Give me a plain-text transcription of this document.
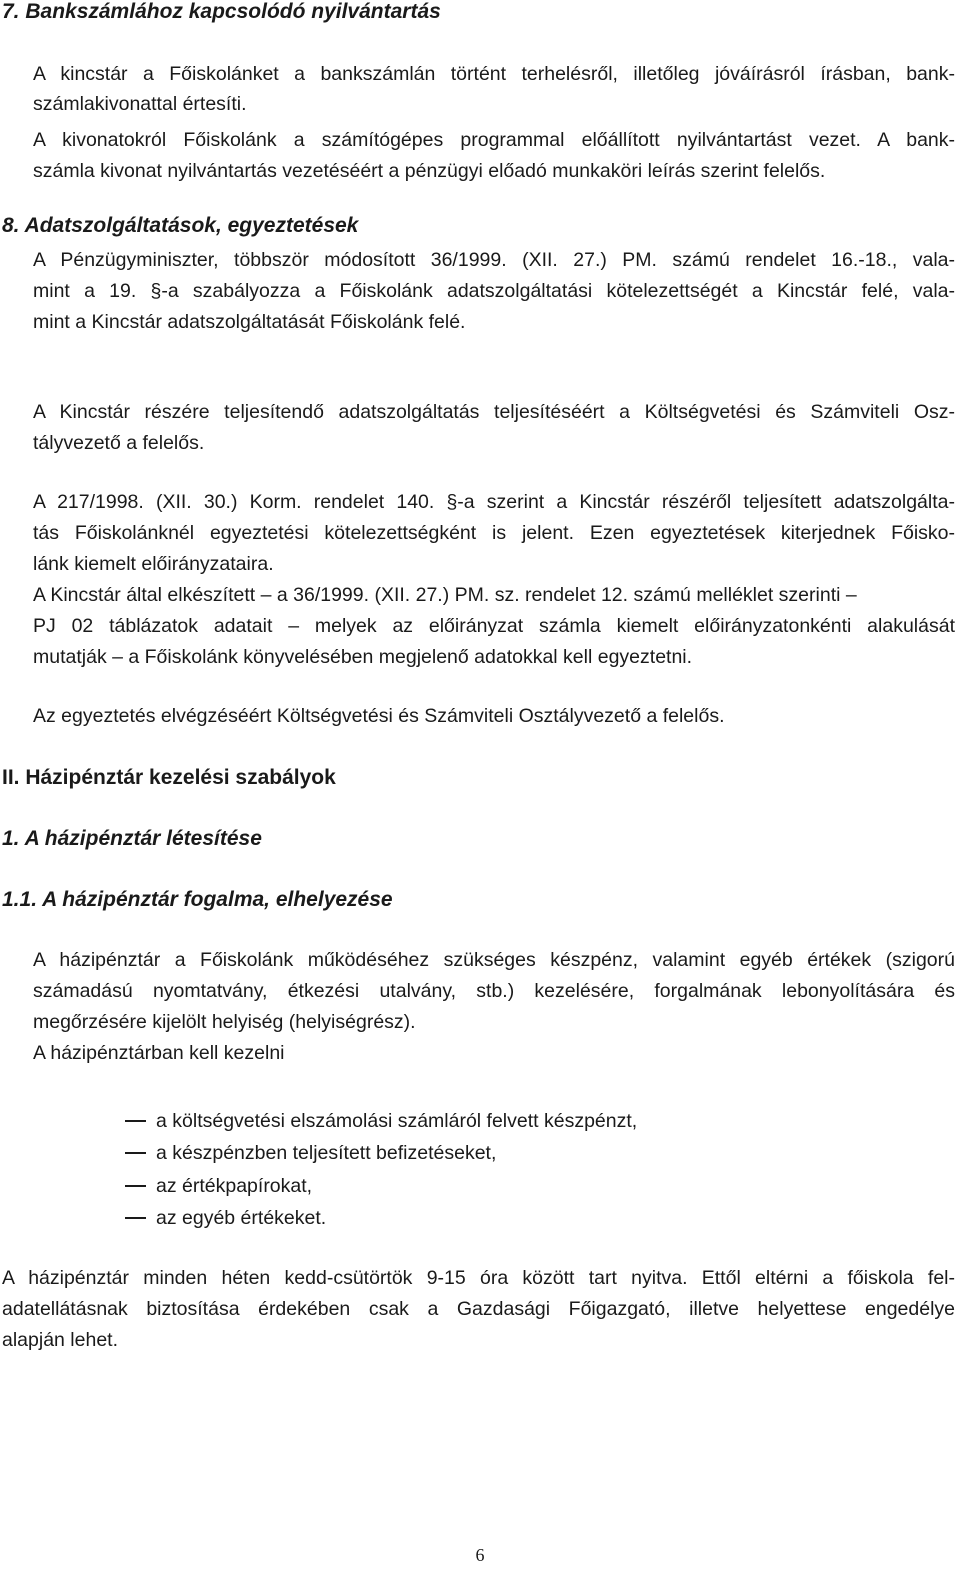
7. Bankszámlához kapcsolódó nyilvántartás
A kincstár a Főiskolánket a bankszámlán történt terhelésről, illetőleg jóváírásról írásban, bank-
számlakivonattal értesíti.
A kivonatokról Főiskolánk a számítógépes programmal előállított nyilvántartást vezet. A bank-
számla kivonat nyilvántartás vezetéséért a pénzügyi előadó munkaköri leírás szerint felelős.
8. Adatszolgáltatások, egyeztetések
A Pénzügyminiszter, többször módosított 36/1999. (XII. 27.) PM. számú rendelet 16.-18., vala-
mint a 19. §-a szabályozza a Főiskolánk adatszolgáltatási kötelezettségét a Kincstár felé, vala-
mint a Kincstár adatszolgáltatását Főiskolánk felé.
A Kincstár részére teljesítendő adatszolgáltatás teljesítéséért a Költségvetési és Számviteli Osz-
tályvezető a felelős.
A 217/1998. (XII. 30.) Korm. rendelet 140. §-a szerint a Kincstár részéről teljesített adatszolgálta-
tás Főiskolánknél egyeztetési kötelezettségként is jelent. Ezen egyeztetések kiterjednek Főisko-
lánk kiemelt előirányzataira.
A Kincstár által elkészített – a 36/1999. (XII. 27.) PM. sz. rendelet 12. számú melléklet szerinti –
PJ 02 táblázatok adatait – melyek az előirányzat számla kiemelt előirányzatonkénti alakulását
mutatják – a Főiskolánk könyvelésében megjelenő adatokkal kell egyeztetni.
Az egyeztetés elvégzéséért Költségvetési és Számviteli Osztályvezető a felelős.
II. Házipénztár kezelési szabályok
1. A házipénztár létesítése
1.1. A házipénztár fogalma, elhelyezése
A házipénztár a Főiskolánk működéséhez szükséges készpénz, valamint egyéb értékek (szigorú
számadású nyomtatvány, étkezési utalvány, stb.) kezelésére, forgalmának lebonyolítására és
megőrzésére kijelölt helyiség (helyiségrész).
A házipénztárban kell kezelni
a költségvetési elszámolási számláról felvett készpénzt,
a készpénzben teljesített befizetéseket,
az értékpapírokat,
az egyéb értékeket.
A házipénztár minden héten kedd-csütörtök 9-15 óra között tart nyitva. Ettől eltérni a főiskola fel-
adatellátásnak biztosítása érdekében csak a Gazdasági Főigazgató, illetve helyettese engedélye
alapján lehet.
6
